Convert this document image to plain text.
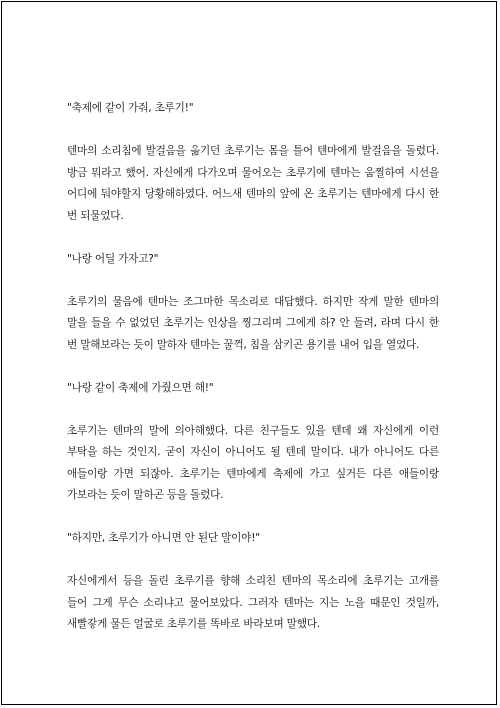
"축제에 같이 가줘, 초루기!"

텐마의 소리침에 발걸음을 옮기던 초루기는 몸을 틀어 텐마에게 발걸음을 돌렸다. 방금 뭐라고 했어. 자신에게 다가오며 물어오는 초루기에 텐마는 움찔하여 시선을 어디에 둬야할지 당황해하였다. 어느새 텐마의 앞에 온 초루기는 텐마에게 다시 한 번 되물었다.

"나랑 어딜 가자고?"

초루기의 물음에 텐마는 조그마한 목소리로 대답했다. 하지만 작게 말한 텐마의 말을 들을 수 없었던 초루기는 인상을 찡그리며 그에게 하? 안 들려, 라며 다시 한 번 말해보라는 듯이 말하자 텐마는 꿀꺽, 침을 삼키곤 용기를 내어 입을 열었다.

"나랑 같이 축제에 가줬으면 해!"

초루기는 텐마의 말에 의아해했다. 다른 친구들도 있을 텐데 왜 자신에게 이런 부탁을 하는 것인지. 굳이 자신이 아니어도 될 텐데 말이다. 내가 아니어도 다른 애들이랑 가면 되잖아. 초루기는 텐마에게 축제에 가고 싶거든 다른 애들이랑 가보라는 듯이 말하곤 등을 돌렸다.

"하지만, 초루기가 아니면 안 된단 말이야!"

자신에게서 등을 돌린 초루기를 향해 소리친 텐마의 목소리에 초루기는 고개를 들어 그게 무슨 소리냐고 물어보았다. 그러자 텐마는 지는 노을 때문인 것일까, 새빨갛게 물든 얼굴로 초루기를 똑바로 바라보며 말했다.
